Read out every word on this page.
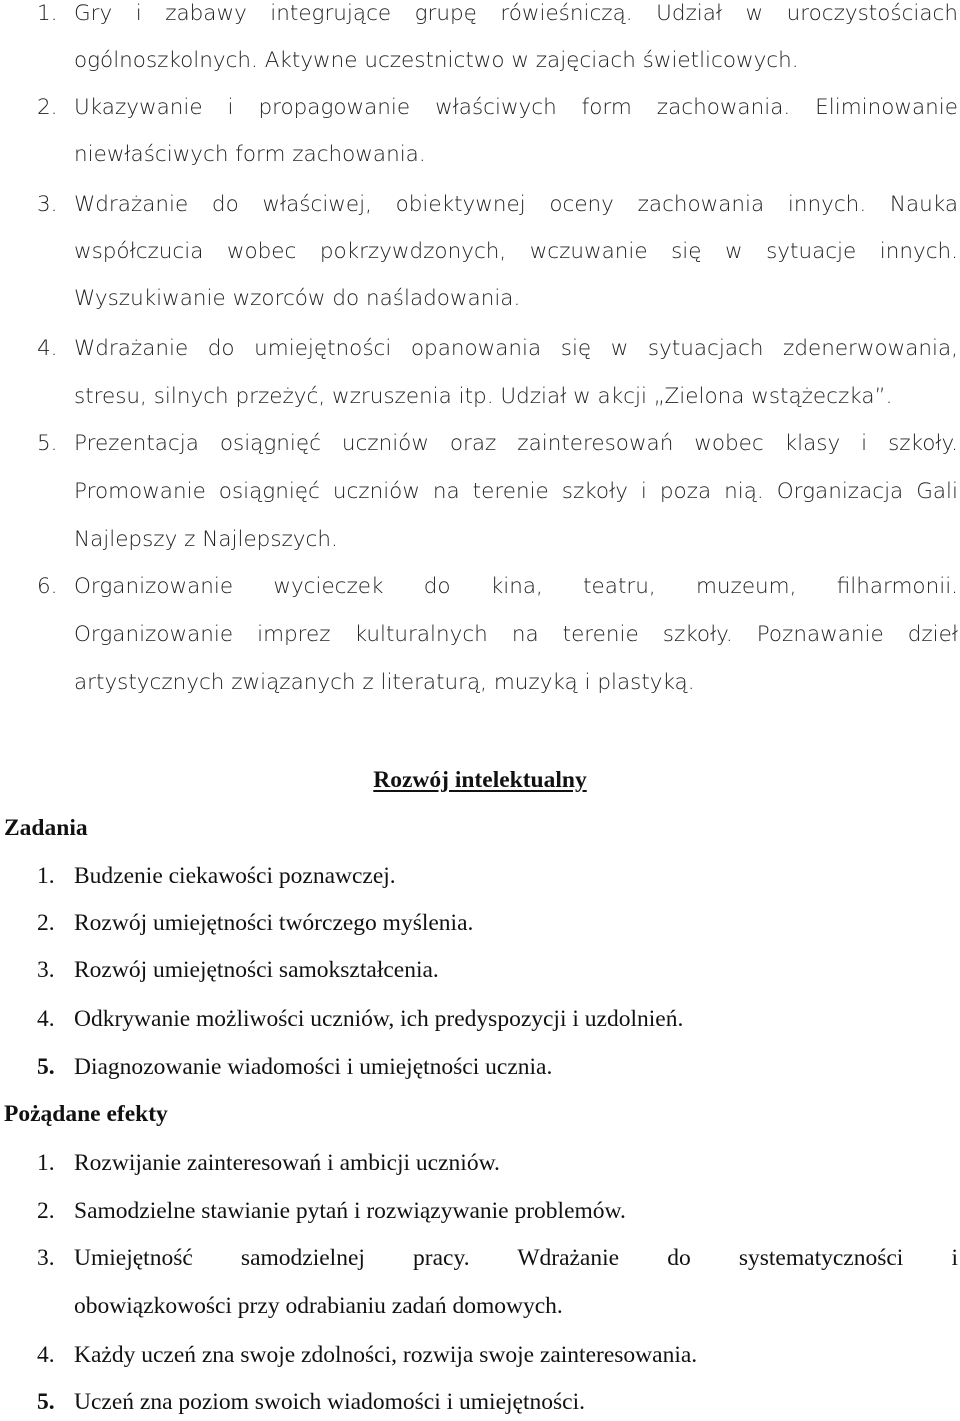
1. Gry i zabawy integrujące grupę rówieśniczą. Udział w uroczystościach
ogólnoszkolnych. Aktywne uczestnictwo w zajęciach świetlicowych.
2. Ukazywanie i propagowanie właściwych form zachowania. Eliminowanie
niewłaściwych form zachowania.
3. Wdrażanie do właściwej, obiektywnej oceny zachowania innych. Nauka
współczucia wobec pokrzywdzonych, wczuwanie się w sytuacje innych.
Wyszukiwanie wzorców do naśladowania.
4. Wdrażanie do umiejętności opanowania się w sytuacjach zdenerwowania,
stresu, silnych przeżyć, wzruszenia itp. Udział w akcji „Zielona wstążeczka”.
5. Prezentacja osiągnięć uczniów oraz zainteresowań wobec klasy i szkoły.
Promowanie osiągnięć uczniów na terenie szkoły i poza nią. Organizacja Gali
Najlepszy z Najlepszych.
6. Organizowanie wycieczek do kina, teatru, muzeum, filharmonii.
Organizowanie imprez kulturalnych na terenie szkoły. Poznawanie dzieł
artystycznych związanych z literaturą, muzyką i plastyką.
Rozwój intelektualny
Zadania
1. Budzenie ciekawości poznawczej.
2. Rozwój umiejętności twórczego myślenia.
3. Rozwój umiejętności samokształcenia.
4. Odkrywanie możliwości uczniów, ich predyspozycji i uzdolnień.
5. Diagnozowanie wiadomości i umiejętności ucznia.
Pożądane efekty
1. Rozwijanie zainteresowań i ambicji uczniów.
2. Samodzielne stawianie pytań i rozwiązywanie problemów.
3. Umiejętność samodzielnej pracy. Wdrażanie do systematyczności i
obowiązkowości przy odrabianiu zadań domowych.
4. Każdy uczeń zna swoje zdolności, rozwija swoje zainteresowania.
5. Uczeń zna poziom swoich wiadomości i umiejętności.
